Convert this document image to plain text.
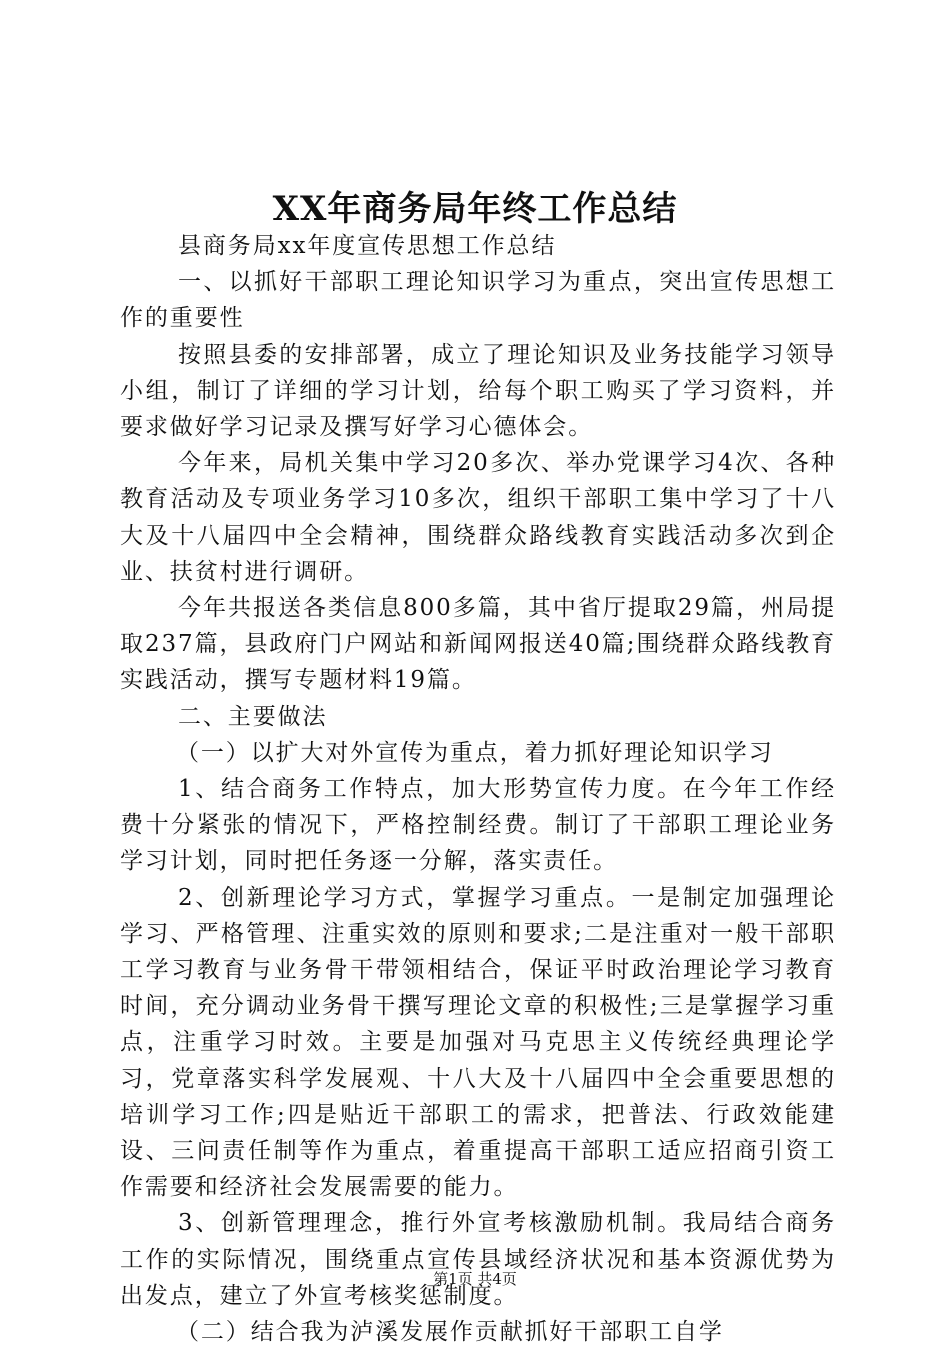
XX年商务局年终工作总结

县商务局xx年度宣传思想工作总结

一、以抓好干部职工理论知识学习为重点，突出宣传思想工作的重要性

按照县委的安排部署，成立了理论知识及业务技能学习领导小组，制订了详细的学习计划，给每个职工购买了学习资料，并要求做好学习记录及撰写好学习心德体会。

今年来，局机关集中学习20多次、举办党课学习4次、各种教育活动及专项业务学习10多次，组织干部职工集中学习了十八大及十八届四中全会精神，围绕群众路线教育实践活动多次到企业、扶贫村进行调研。

今年共报送各类信息800多篇，其中省厅提取29篇，州局提取237篇，县政府门户网站和新闻网报送40篇;围绕群众路线教育实践活动，撰写专题材料19篇。

二、主要做法

（一）以扩大对外宣传为重点，着力抓好理论知识学习

1、结合商务工作特点，加大形势宣传力度。在今年工作经费十分紧张的情况下，严格控制经费。制订了干部职工理论业务学习计划，同时把任务逐一分解，落实责任。

2、创新理论学习方式，掌握学习重点。一是制定加强理论学习、严格管理、注重实效的原则和要求;二是注重对一般干部职工学习教育与业务骨干带领相结合，保证平时政治理论学习教育时间，充分调动业务骨干撰写理论文章的积极性;三是掌握学习重点，注重学习时效。主要是加强对马克思主义传统经典理论学习，党章落实科学发展观、十八大及十八届四中全会重要思想的培训学习工作;四是贴近干部职工的需求，把普法、行政效能建设、三问责任制等作为重点，着重提高干部职工适应招商引资工作需要和经济社会发展需要的能力。

3、创新管理理念，推行外宣考核激励机制。我局结合商务工作的实际情况，围绕重点宣传县域经济状况和基本资源优势为出发点，建立了外宣考核奖惩制度。

（二）结合我为泸溪发展作贡献抓好干部职工自学

第1页 共4页
